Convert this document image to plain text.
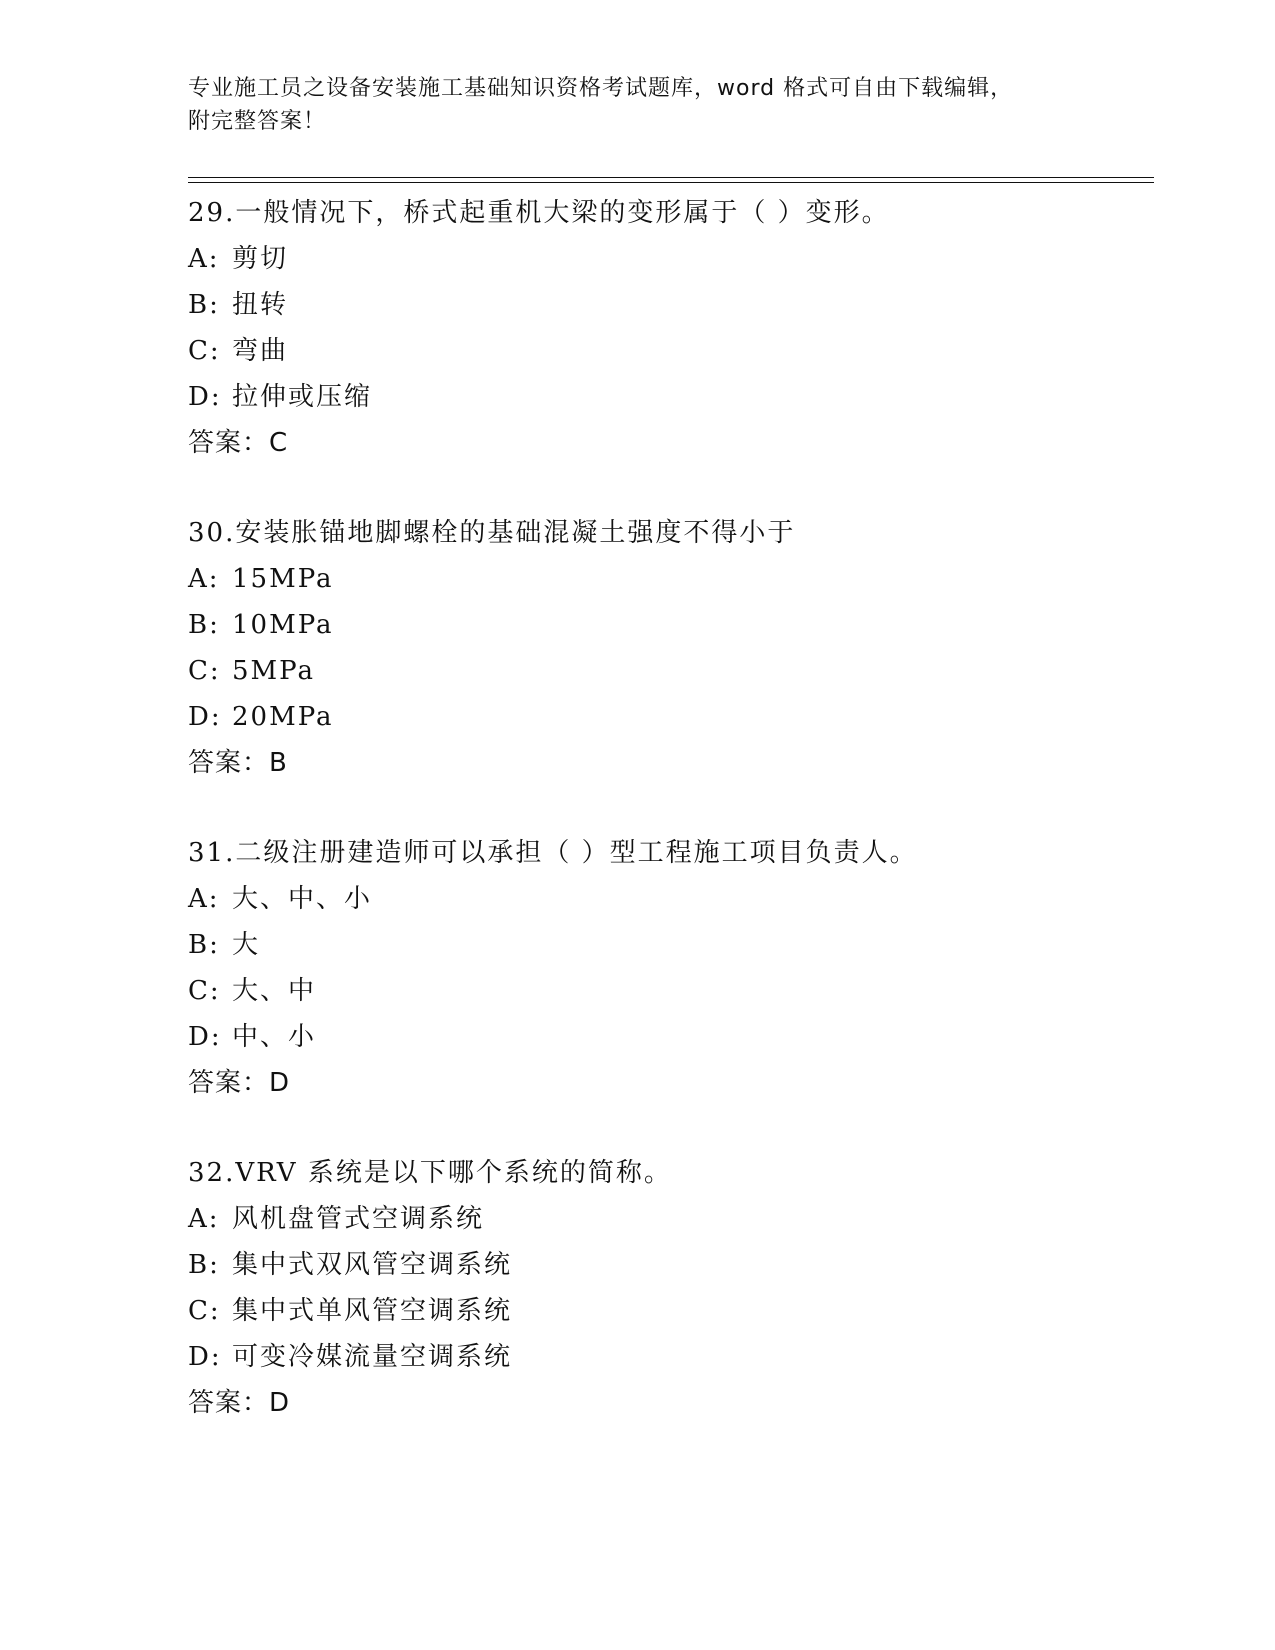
专业施工员之设备安装施工基础知识资格考试题库，word 格式可自由下载编辑，
附完整答案！
29.一般情况下，桥式起重机大梁的变形属于（ ）变形。
A: 剪切
B: 扭转
C: 弯曲
D: 拉伸或压缩
答案：C
30.安装胀锚地脚螺栓的基础混凝土强度不得小于
A: 15MPa
B: 10MPa
C: 5MPa
D: 20MPa
答案：B
31.二级注册建造师可以承担（ ）型工程施工项目负责人。
A: 大、中、小
B: 大
C: 大、中
D: 中、小
答案：D
32.VRV 系统是以下哪个系统的简称。
A: 风机盘管式空调系统
B: 集中式双风管空调系统
C: 集中式单风管空调系统
D: 可变冷媒流量空调系统
答案：D
